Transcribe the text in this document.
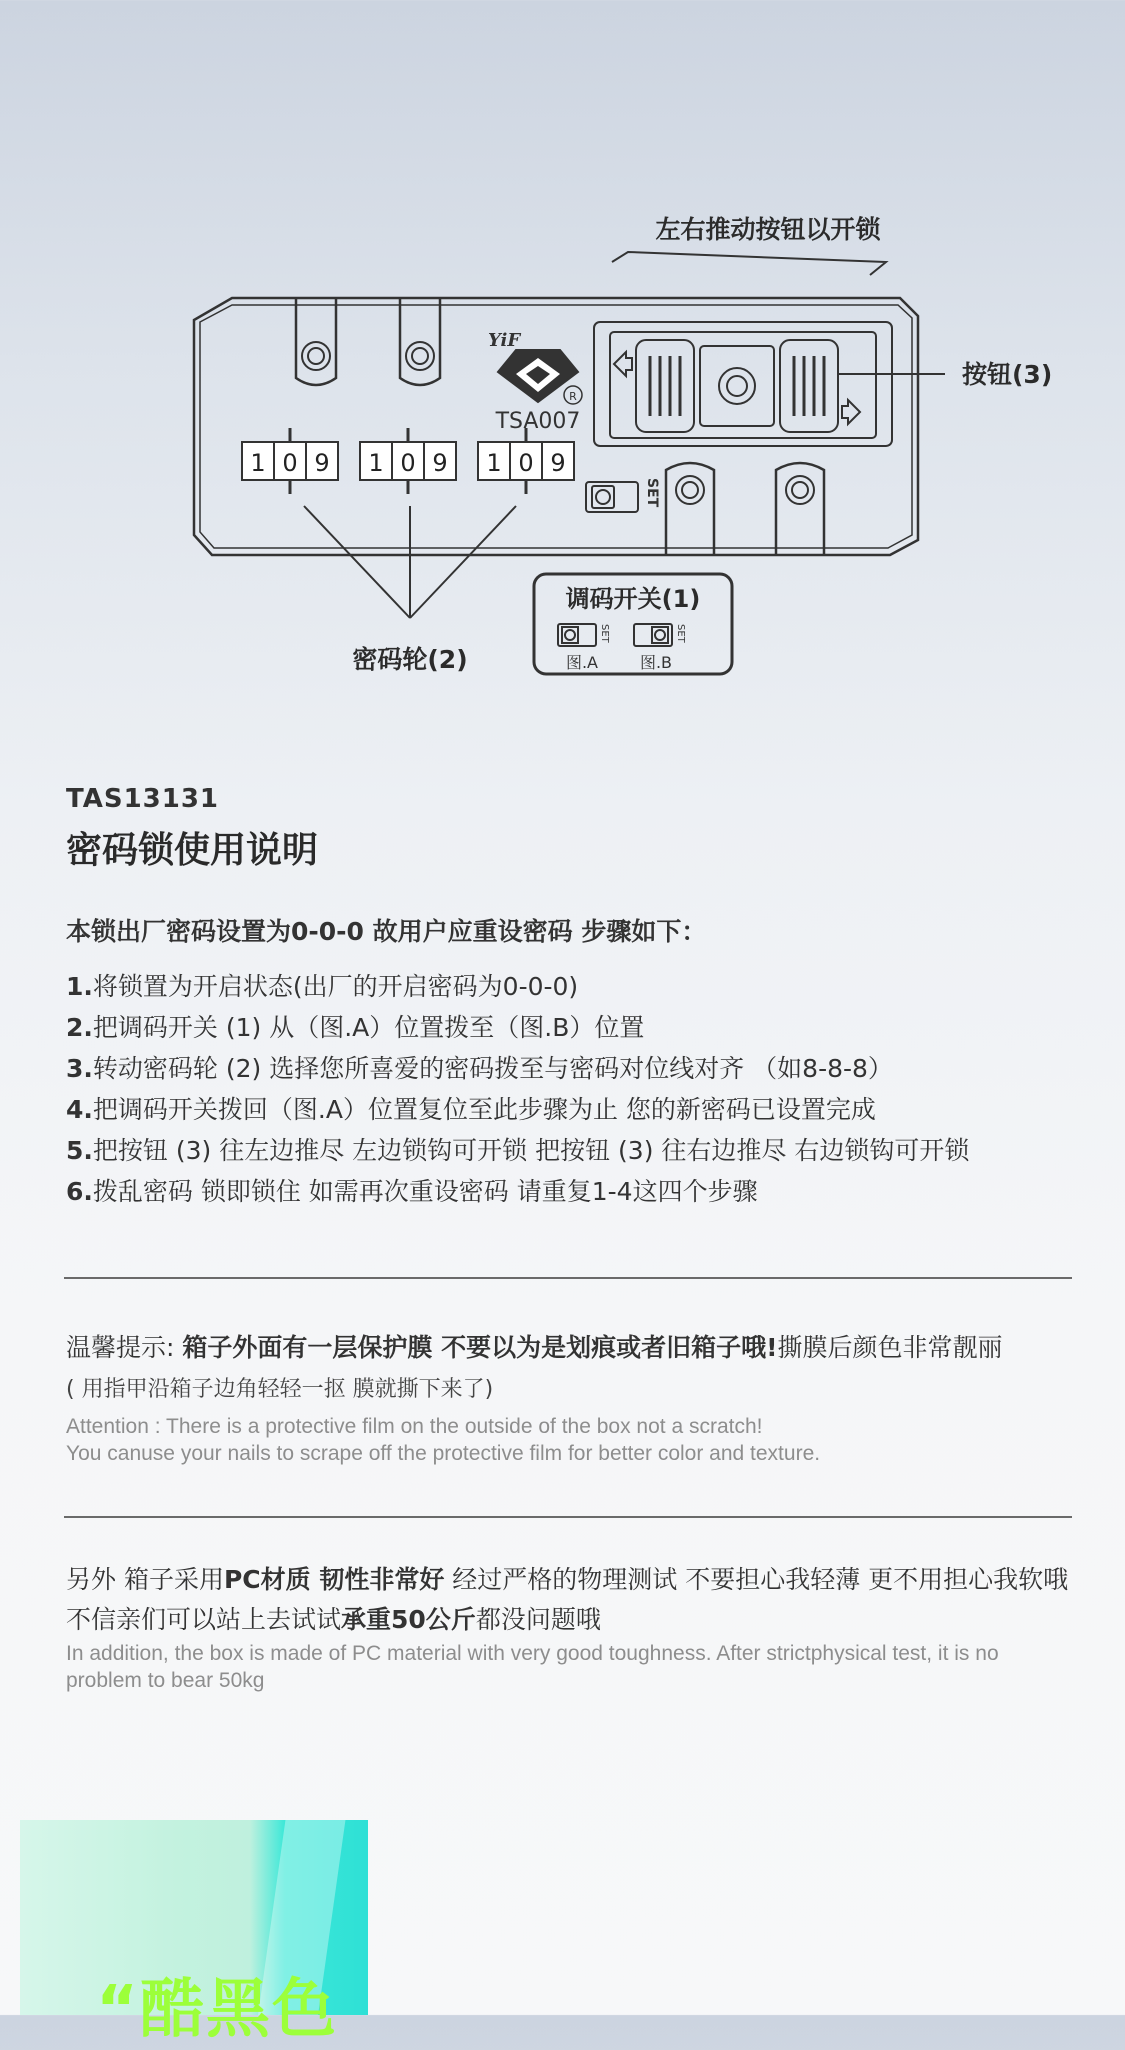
左右推动按钮以开锁
YiF
R
TSA007
按钮(3)
1 0 9 1 0 9 1 0 9
SET
密码轮(2)
调码开关(1)
SET	SET
图.A	图.B
TAS13131
密码锁使用说明
本锁出厂密码设置为0-0-0 故用户应重设密码 步骤如下：
1.将锁置为开启状态(出厂的开启密码为0-0-0)
2.把调码开关 (1) 从（图.A）位置拨至（图.B）位置
3.转动密码轮 (2) 选择您所喜爱的密码拨至与密码对位线对齐 （如8-8-8）
4.把调码开关拨回（图.A）位置复位至此步骤为止 您的新密码已设置完成
5.把按钮 (3) 往左边推尽 左边锁钩可开锁 把按钮 (3) 往右边推尽 右边锁钩可开锁
6.拨乱密码 锁即锁住 如需再次重设密码 请重复1-4这四个步骤
温馨提示: 箱子外面有一层保护膜 不要以为是划痕或者旧箱子哦!撕膜后颜色非常靓丽
( 用指甲沿箱子边角轻轻一抠 膜就撕下来了)
Attention : There is a protective film on the outside of the box not a scratch!
You canuse your nails to scrape off the protective film for better color and texture.
另外 箱子采用PC材质 韧性非常好 经过严格的物理测试 不要担心我轻薄 更不用担心我软哦 不信亲们可以站上去试试承重50公斤都没问题哦
In addition, the box is made of PC material with very good toughness. After strictphysical test, it is no problem to bear 50kg
“酷黑色
